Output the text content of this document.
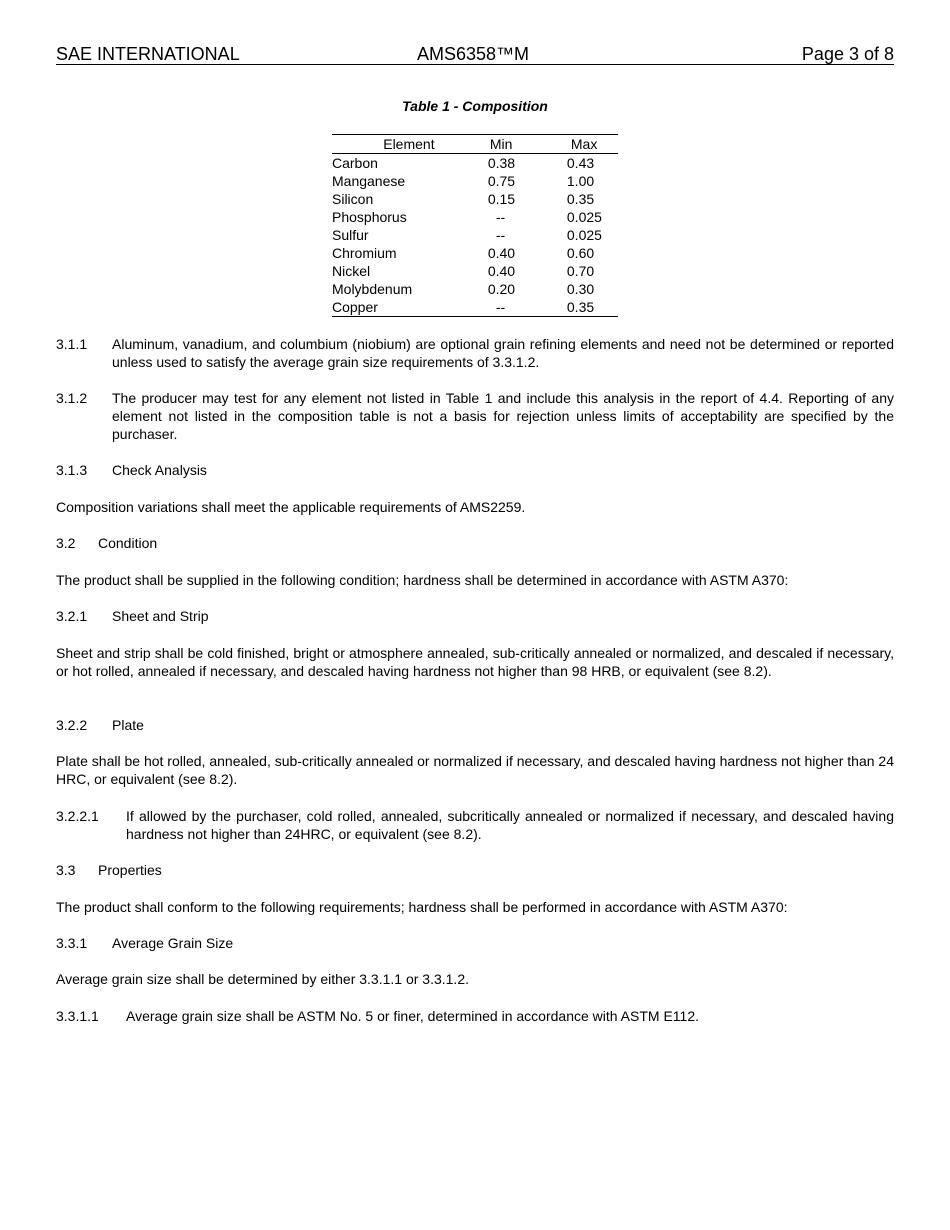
SAE INTERNATIONAL	AMS6358™M	Page 3 of 8
Table 1 - Composition
Element	Min	Max
Carbon	0.38	0.43
Manganese	0.75	1.00
Silicon	0.15	0.35
Phosphorus	--	0.025
Sulfur	--	0.025
Chromium	0.40	0.60
Nickel	0.40	0.70
Molybdenum	0.20	0.30
Copper	--	0.35
3.1.1 Aluminum, vanadium, and columbium (niobium) are optional grain refining elements and need not be determined or reported unless used to satisfy the average grain size requirements of 3.3.1.2.
3.1.2 The producer may test for any element not listed in Table 1 and include this analysis in the report of 4.4. Reporting of any element not listed in the composition table is not a basis for rejection unless limits of acceptability are specified by the purchaser.
3.1.3 Check Analysis
Composition variations shall meet the applicable requirements of AMS2259.
3.2 Condition
The product shall be supplied in the following condition; hardness shall be determined in accordance with ASTM A370:
3.2.1 Sheet and Strip
Sheet and strip shall be cold finished, bright or atmosphere annealed, sub-critically annealed or normalized, and descaled if necessary, or hot rolled, annealed if necessary, and descaled having hardness not higher than 98 HRB, or equivalent (see 8.2).
3.2.2 Plate
Plate shall be hot rolled, annealed, sub-critically annealed or normalized if necessary, and descaled having hardness not higher than 24 HRC, or equivalent (see 8.2).
3.2.2.1 If allowed by the purchaser, cold rolled, annealed, subcritically annealed or normalized if necessary, and descaled having hardness not higher than 24HRC, or equivalent (see 8.2).
3.3 Properties
The product shall conform to the following requirements; hardness shall be performed in accordance with ASTM A370:
3.3.1 Average Grain Size
Average grain size shall be determined by either 3.3.1.1 or 3.3.1.2.
3.3.1.1 Average grain size shall be ASTM No. 5 or finer, determined in accordance with ASTM E112.
